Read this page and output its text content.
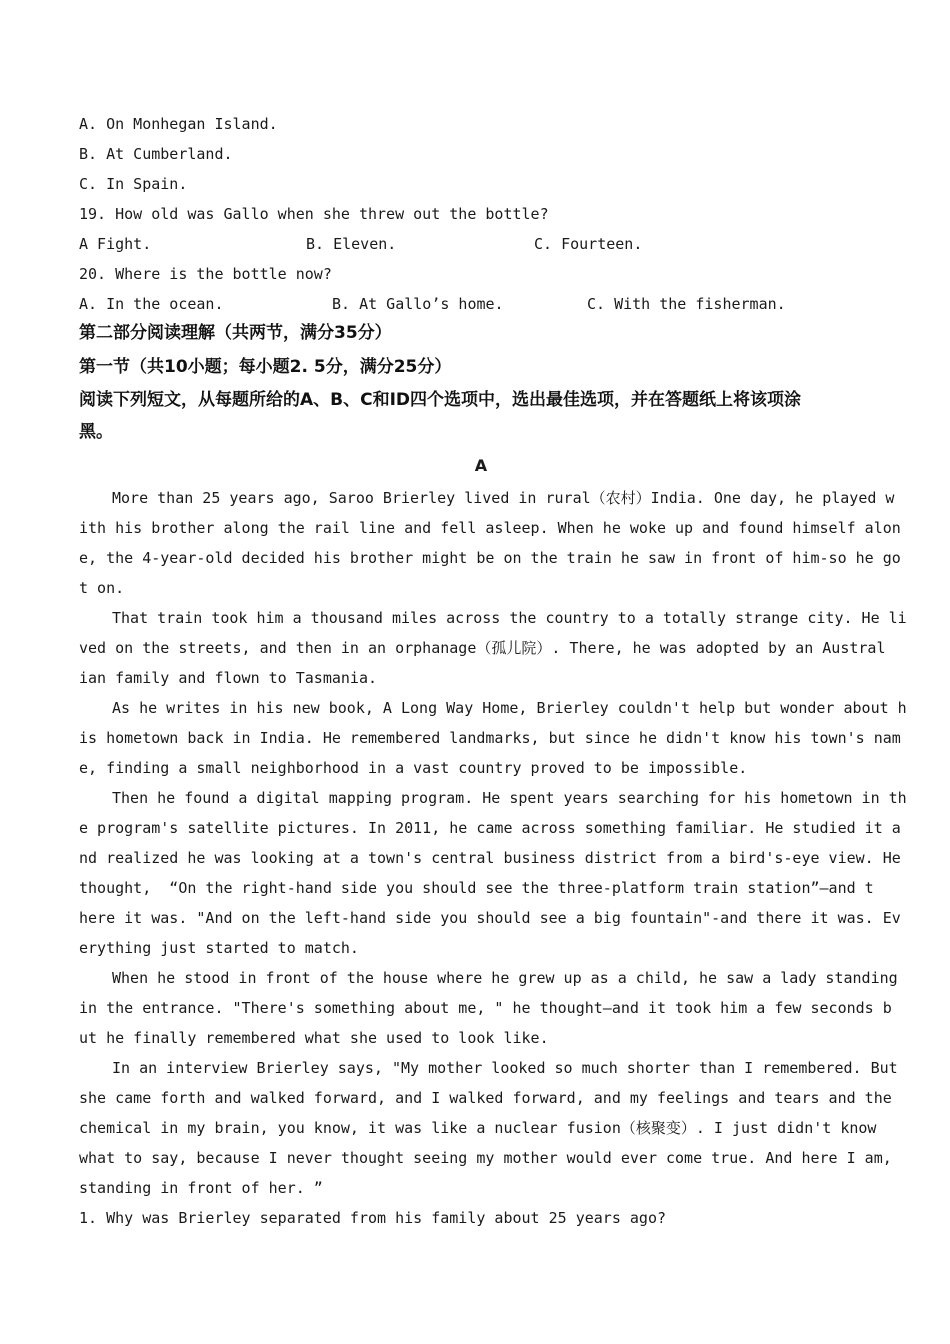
A. On Monhegan Island.
B. At Cumberland.
C. In Spain.
19. How old was Gallo when she threw out the bottle?
A Fight.	B. Eleven.	C. Fourteen.
20. Where is the bottle now?
A. In the ocean.	B. At Gallo’s home.	C. With the fisherman.
第二部分阅读理解（共两节，满分35分）
第一节（共10小题；每小题2. 5分，满分25分）
阅读下列短文，从每题所给的A、B、C和ID四个选项中，选出最佳选项，并在答题纸上将该项涂
黑。
A
More than 25 years ago, Saroo Brierley lived in rural（农村）India. One day, he played w
ith his brother along the rail line and fell asleep. When he woke up and found himself alon
e, the 4-year-old decided his brother might be on the train he saw in front of him-so he go
t on.
That train took him a thousand miles across the country to a totally strange city. He li
ved on the streets, and then in an orphanage（孤儿院）. There, he was adopted by an Austral
ian family and flown to Tasmania.
As he writes in his new book, A Long Way Home, Brierley couldn't help but wonder about h
is hometown back in India. He remembered landmarks, but since he didn't know his town's nam
e, finding a small neighborhood in a vast country proved to be impossible.
Then he found a digital mapping program. He spent years searching for his hometown in th
e program's satellite pictures. In 2011, he came across something familiar. He studied it a
nd realized he was looking at a town's central business district from a bird's-eye view. He
thought,  “On the right-hand side you should see the three-platform train station”—and t
here it was. "And on the left-hand side you should see a big fountain"-and there it was. Ev
erything just started to match.
When he stood in front of the house where he grew up as a child, he saw a lady standing
in the entrance. "There's something about me, " he thought—and it took him a few seconds b
ut he finally remembered what she used to look like.
In an interview Brierley says, "My mother looked so much shorter than I remembered. But
she came forth and walked forward, and I walked forward, and my feelings and tears and the
chemical in my brain, you know, it was like a nuclear fusion（核聚变）. I just didn't know
what to say, because I never thought seeing my mother would ever come true. And here I am,
standing in front of her. ”
1. Why was Brierley separated from his family about 25 years ago?
